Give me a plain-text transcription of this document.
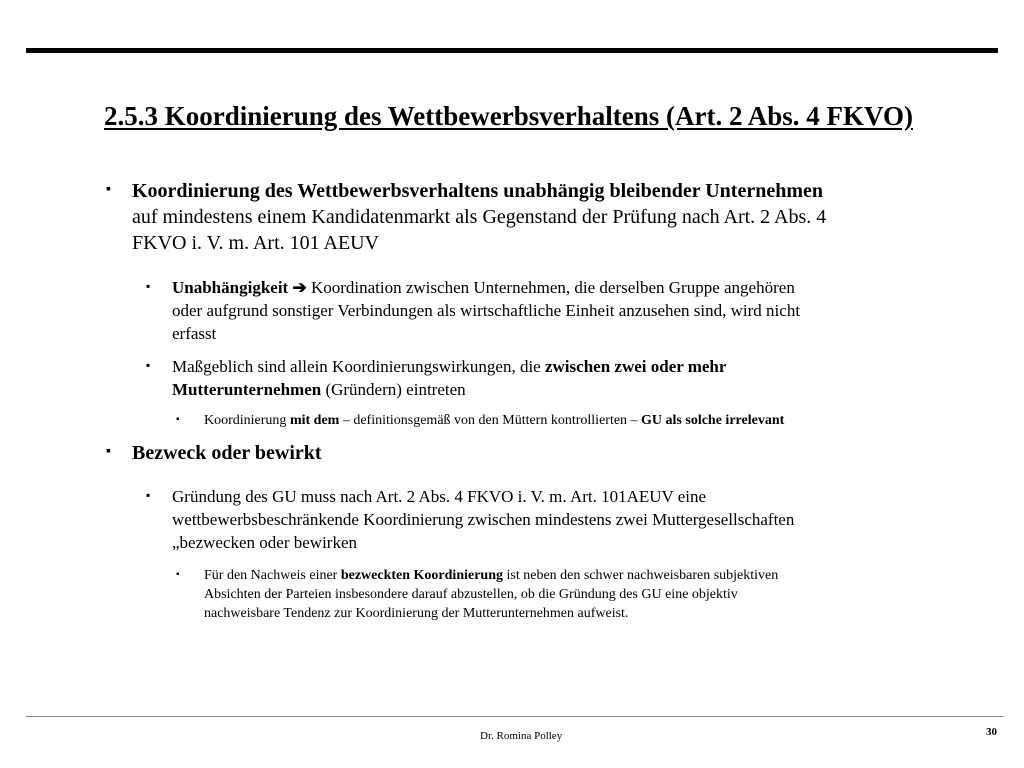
2.5.3 Koordinierung des Wettbewerbsverhaltens (Art. 2 Abs. 4 FKVO)
▪	Koordinierung des Wettbewerbsverhaltens unabhängig bleibender Unternehmen

auf mindestens einem Kandidatenmarkt als Gegenstand der Prüfung nach Art. 2 Abs. 4

FKVO i. V. m. Art. 101 AEUV

▪	Unabhängigkeit ➔ Koordination zwischen Unternehmen, die derselben Gruppe angehören

oder aufgrund sonstiger Verbindungen als wirtschaftliche Einheit anzusehen sind, wird nicht

erfasst

▪	Maßgeblich sind allein Koordinierungswirkungen, die zwischen zwei oder mehr

Mutterunternehmen (Gründern) eintreten

▪	Koordinierung mit dem – definitionsgemäß von den Müttern kontrollierten – GU als solche irrelevant

▪	Bezweck oder bewirkt

▪	Gründung des GU muss nach Art. 2 Abs. 4 FKVO i. V. m. Art. 101AEUV eine

wettbewerbsbeschränkende Koordinierung zwischen mindestens zwei Muttergesellschaften

„bezwecken oder bewirken

▪	Für den Nachweis einer bezweckten Koordinierung ist neben den schwer nachweisbaren subjektiven

Absichten der Parteien insbesondere darauf abzustellen, ob die Gründung des GU eine objektiv

nachweisbare Tendenz zur Koordinierung der Mutterunternehmen aufweist.

Dr. Romina Polley	30
